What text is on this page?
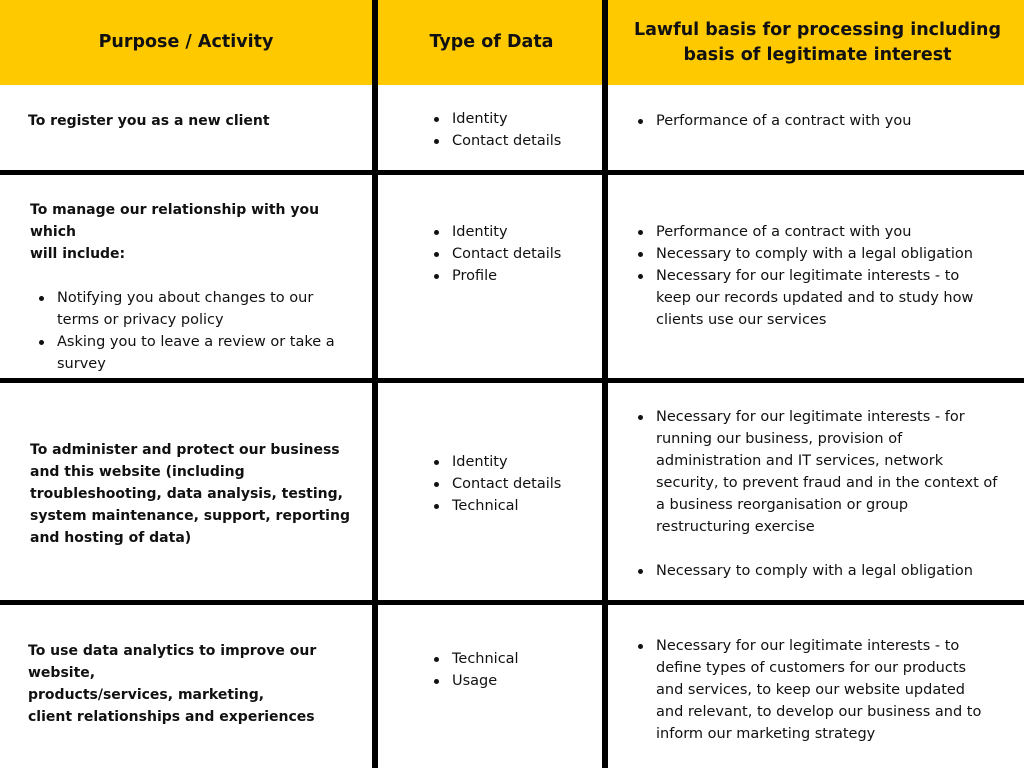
Purpose / Activity	Type of Data
Lawful basis for processing including
basis of legitimate interest
To register you as a new client	Identity
Contact details
Performance of a contract with you
To manage our relationship with you which
will include:
Notifying you about changes to our terms or privacy policy
Asking you to leave a review or take a survey
Identity
Contact details
Profile
Performance of a contract with you
Necessary to comply with a legal obligation
Necessary for our legitimate interests - to keep our records updated and to study how clients use our services
To administer and protect our business
and this website (including
troubleshooting, data analysis, testing,
system maintenance, support, reporting
and hosting of data)
Identity
Contact details
Technical
Necessary for our legitimate interests - for running our business, provision of administration and IT services, network security, to prevent fraud and in the context of a business reorganisation or group restructuring exercise
Necessary to comply with a legal obligation
To use data analytics to improve our website,
products/services, marketing,
client relationships and experiences
Technical
Usage
Necessary for our legitimate interests - to define types of customers for our products and services, to keep our website updated and relevant, to develop our business and to inform our marketing strategy
